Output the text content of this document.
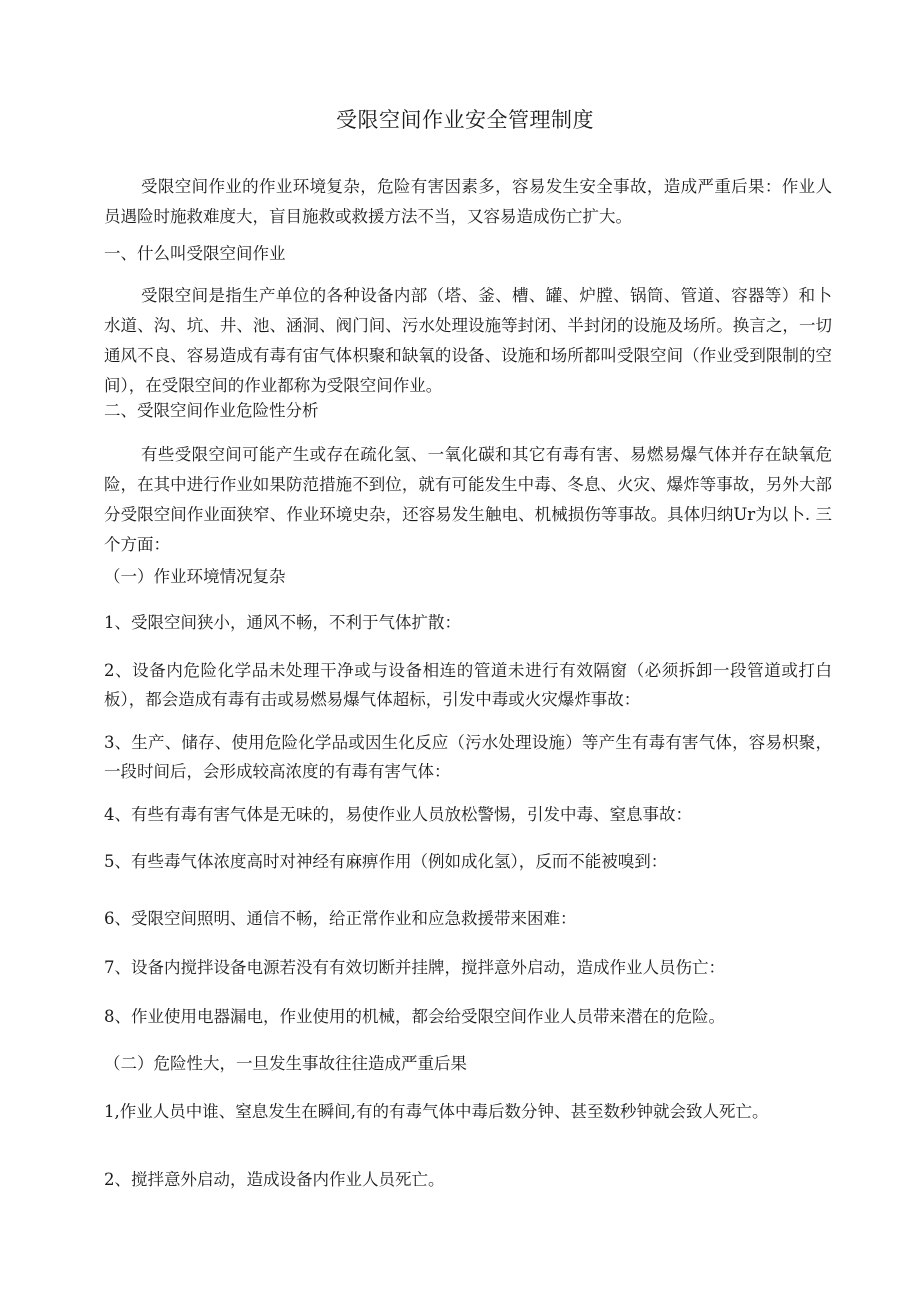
受限空间作业安全管理制度

受限空间作业的作业环境复杂，危险有害因素多，容易发生安全事故，造成严重后果：作业人员遇险时施救难度大，盲目施救或救援方法不当，又容易造成伤亡扩大。

一、什么叫受限空间作业

受限空间是指生产单位的各种设备内部（塔、釜、槽、罐、炉膛、锅筒、管道、容器等）和卜水道、沟、坑、井、池、涵洞、阀门间、污水处理设施等封闭、半封闭的设施及场所。换言之，一切通风不良、容易造成有毒有宙气体枳聚和缺氧的设备、设施和场所都叫受限空间（作业受到限制的空间），在受限空间的作业都称为受限空间作业。

二、受限空间作业危险性分析

有些受限空间可能产生或存在疏化氢、一氧化碳和其它有毒有害、易燃易爆气体并存在缺氧危险，在其中进行作业如果防范措施不到位，就有可能发生中毒、冬息、火灾、爆炸等事故，另外大部分受限空间作业面狭窄、作业环境史杂，还容易发生触电、机械损伤等事故。具体归纳Ur为以卜. 三个方面：

（一）作业环境情况复杂

1、受限空间狭小，通风不畅，不利于气体扩散：

2、设备内危险化学品未处理干净或与设备相连的管道未进行有效隔窗（必须拆卸一段管道或打白板），都会造成有毒有击或易燃易爆气体超标，引发中毒或火灾爆炸事故：

3、生产、储存、使用危险化学品或因生化反应（污水处理设施）等产生有毒有害气体，容易枳聚，一段时间后，会形成较高浓度的有毒有害气体：

4、有些有毒有害气体是无味的，易使作业人员放松警惕，引发中毒、窒息事故：

5、有些毒气体浓度高时对神经有麻痹作用（例如成化氢），反而不能被嗅到：

6、受限空间照明、通信不畅，给正常作业和应急救援带来困难：

7、设备内搅拌设备电源若没有有效切断并挂牌，搅拌意外启动，造成作业人员伤亡：

8、作业使用电器漏电，作业使用的机械，都会给受限空间作业人员带来潜在的危险。

（二）危险性大，一旦发生事故往往造成严重后果

1,作业人员中谁、窒息发生在瞬间,有的有毒气体中毒后数分钟、甚至数秒钟就会致人死亡。

2、搅拌意外启动，造成设备内作业人员死亡。
